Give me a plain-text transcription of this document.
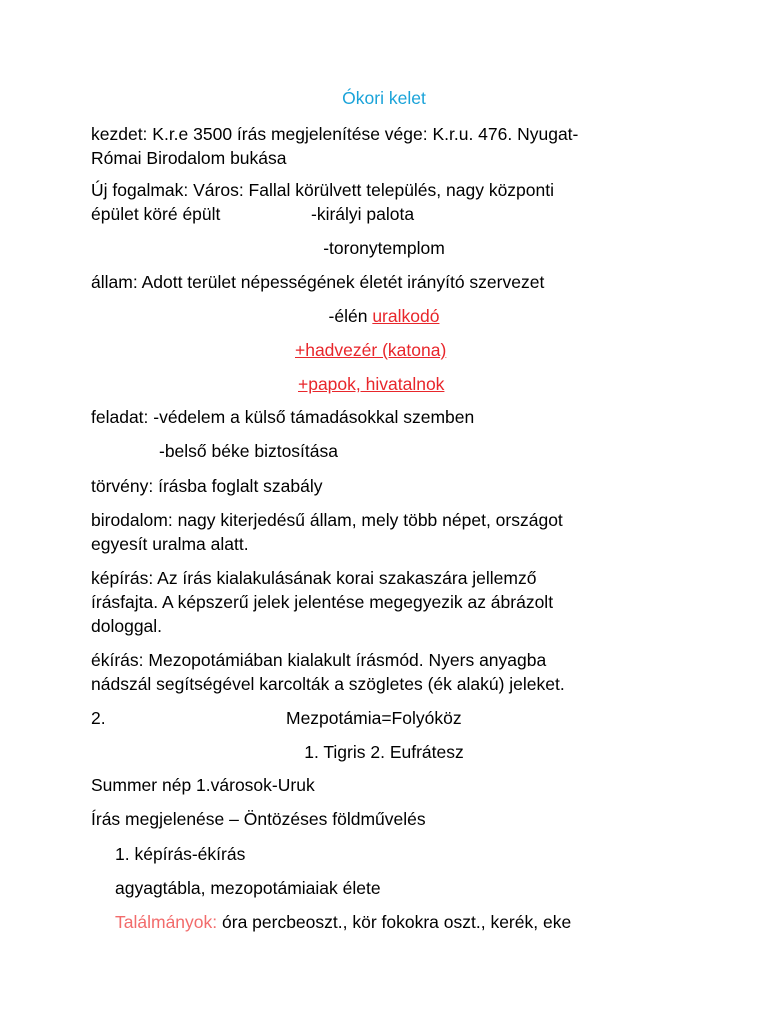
Ókori kelet
kezdet: K.r.e 3500 írás megjelenítése vége: K.r.u. 476. Nyugat-
Római Birodalom bukása
Új fogalmak: Város: Fallal körülvett település, nagy központi
épület köré épült	-királyi palota
-toronytemplom
állam: Adott terület népességének életét irányító szervezet
-élén uralkodó
+hadvezér (katona)
+papok, hivatalnok
feladat: -védelem a külső támadásokkal szemben
-belső béke biztosítása
törvény: írásba foglalt szabály
birodalom: nagy kiterjedésű állam, mely több népet, országot
egyesít uralma alatt.
képírás: Az írás kialakulásának korai szakaszára jellemző
írásfajta. A képszerű jelek jelentése megegyezik az ábrázolt
dologgal.
ékírás: Mezopotámiában kialakult írásmód. Nyers anyagba
nádszál segítségével karcolták a szögletes (ék alakú) jeleket.
2.	Mezpotámia=Folyóköz
1. Tigris 2. Eufrátesz
Summer nép 1.városok-Uruk
Írás megjelenése – Öntözéses földművelés
1. képírás-ékírás
agyagtábla, mezopotámiaiak élete
Találmányok: óra percbeoszt., kör fokokra oszt., kerék, eke
